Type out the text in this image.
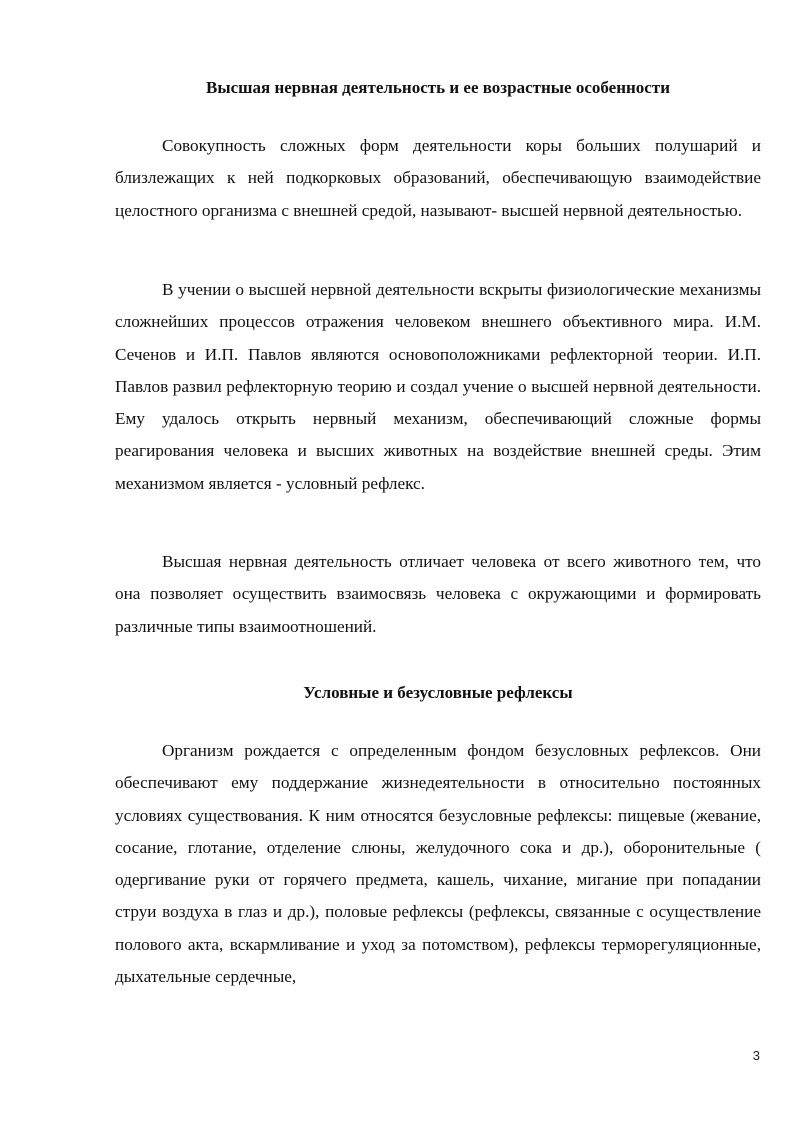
Высшая нервная деятельность и ее возрастные особенности

Совокупность сложных форм деятельности коры больших полушарий и близлежащих к ней подкорковых образований, обеспечивающую взаимодействие целостного организма с внешней средой, называют- высшей нервной деятельностью.

В учении о высшей нервной деятельности вскрыты физиологические механизмы сложнейших процессов отражения человеком внешнего объективного мира. И.М. Сеченов и И.П. Павлов являются основоположниками рефлекторной теории. И.П. Павлов развил рефлекторную теорию и создал учение о высшей нервной деятельности. Ему удалось открыть нервный механизм, обеспечивающий сложные формы реагирования человека и высших животных на воздействие внешней среды. Этим механизмом является - условный рефлекс.

Высшая нервная деятельность отличает человека от всего животного тем, что она позволяет осуществить взаимосвязь человека с окружающими и формировать различные типы взаимоотношений.

Условные и безусловные рефлексы

Организм рождается с определенным фондом безусловных рефлексов. Они обеспечивают ему поддержание жизнедеятельности в относительно постоянных условиях существования. К ним относятся безусловные рефлексы: пищевые (жевание, сосание, глотание, отделение слюны, желудочного сока и др.), оборонительные ( одергивание руки от горячего предмета, кашель, чихание, мигание при попадании струи воздуха в глаз и др.), половые рефлексы (рефлексы, связанные с осуществление полового акта, вскармливание и уход за потомством), рефлексы терморегуляционные, дыхательные сердечные,

3
